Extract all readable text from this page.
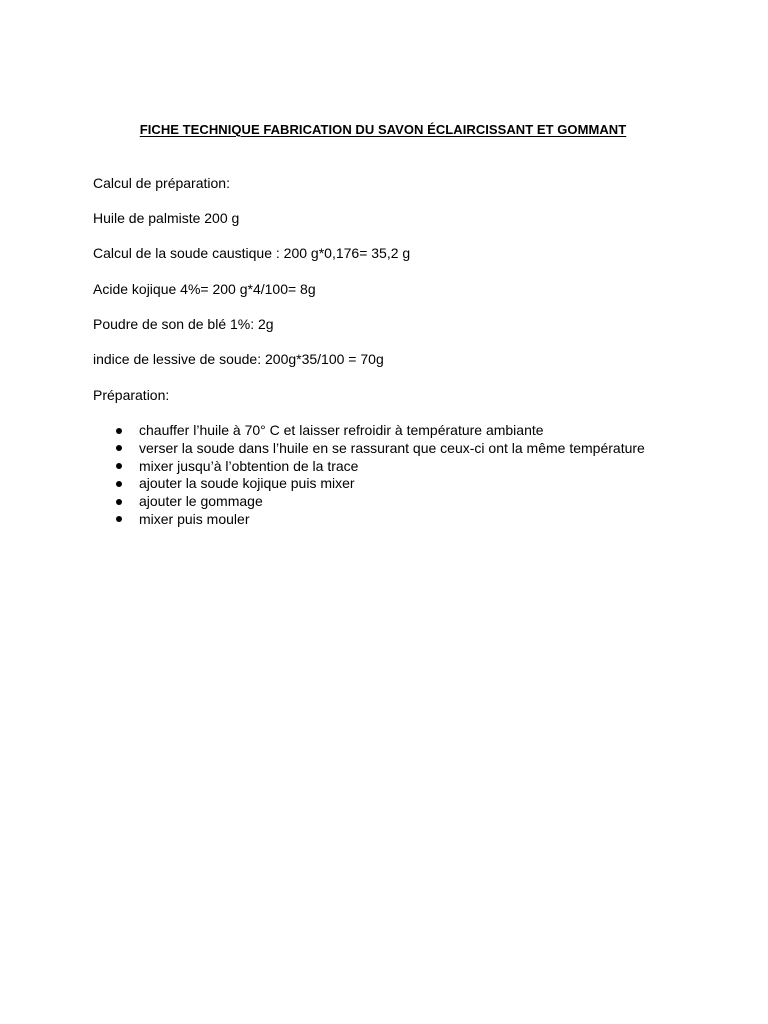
FICHE TECHNIQUE FABRICATION DU SAVON ÉCLAIRCISSANT ET GOMMANT
Calcul de préparation:
Huile de palmiste 200 g
Calcul de la soude caustique : 200 g*0,176= 35,2 g
Acide kojique 4%= 200 g*4/100= 8g
Poudre de son de blé 1%: 2g
indice de lessive de soude: 200g*35/100 = 70g
Préparation:
chauffer l’huile à 70° C et laisser refroidir à température ambiante
verser la soude dans l’huile en se rassurant que ceux-ci ont la même température
mixer jusqu’à l’obtention de la trace
ajouter la soude kojique puis mixer
ajouter le gommage
mixer puis mouler
